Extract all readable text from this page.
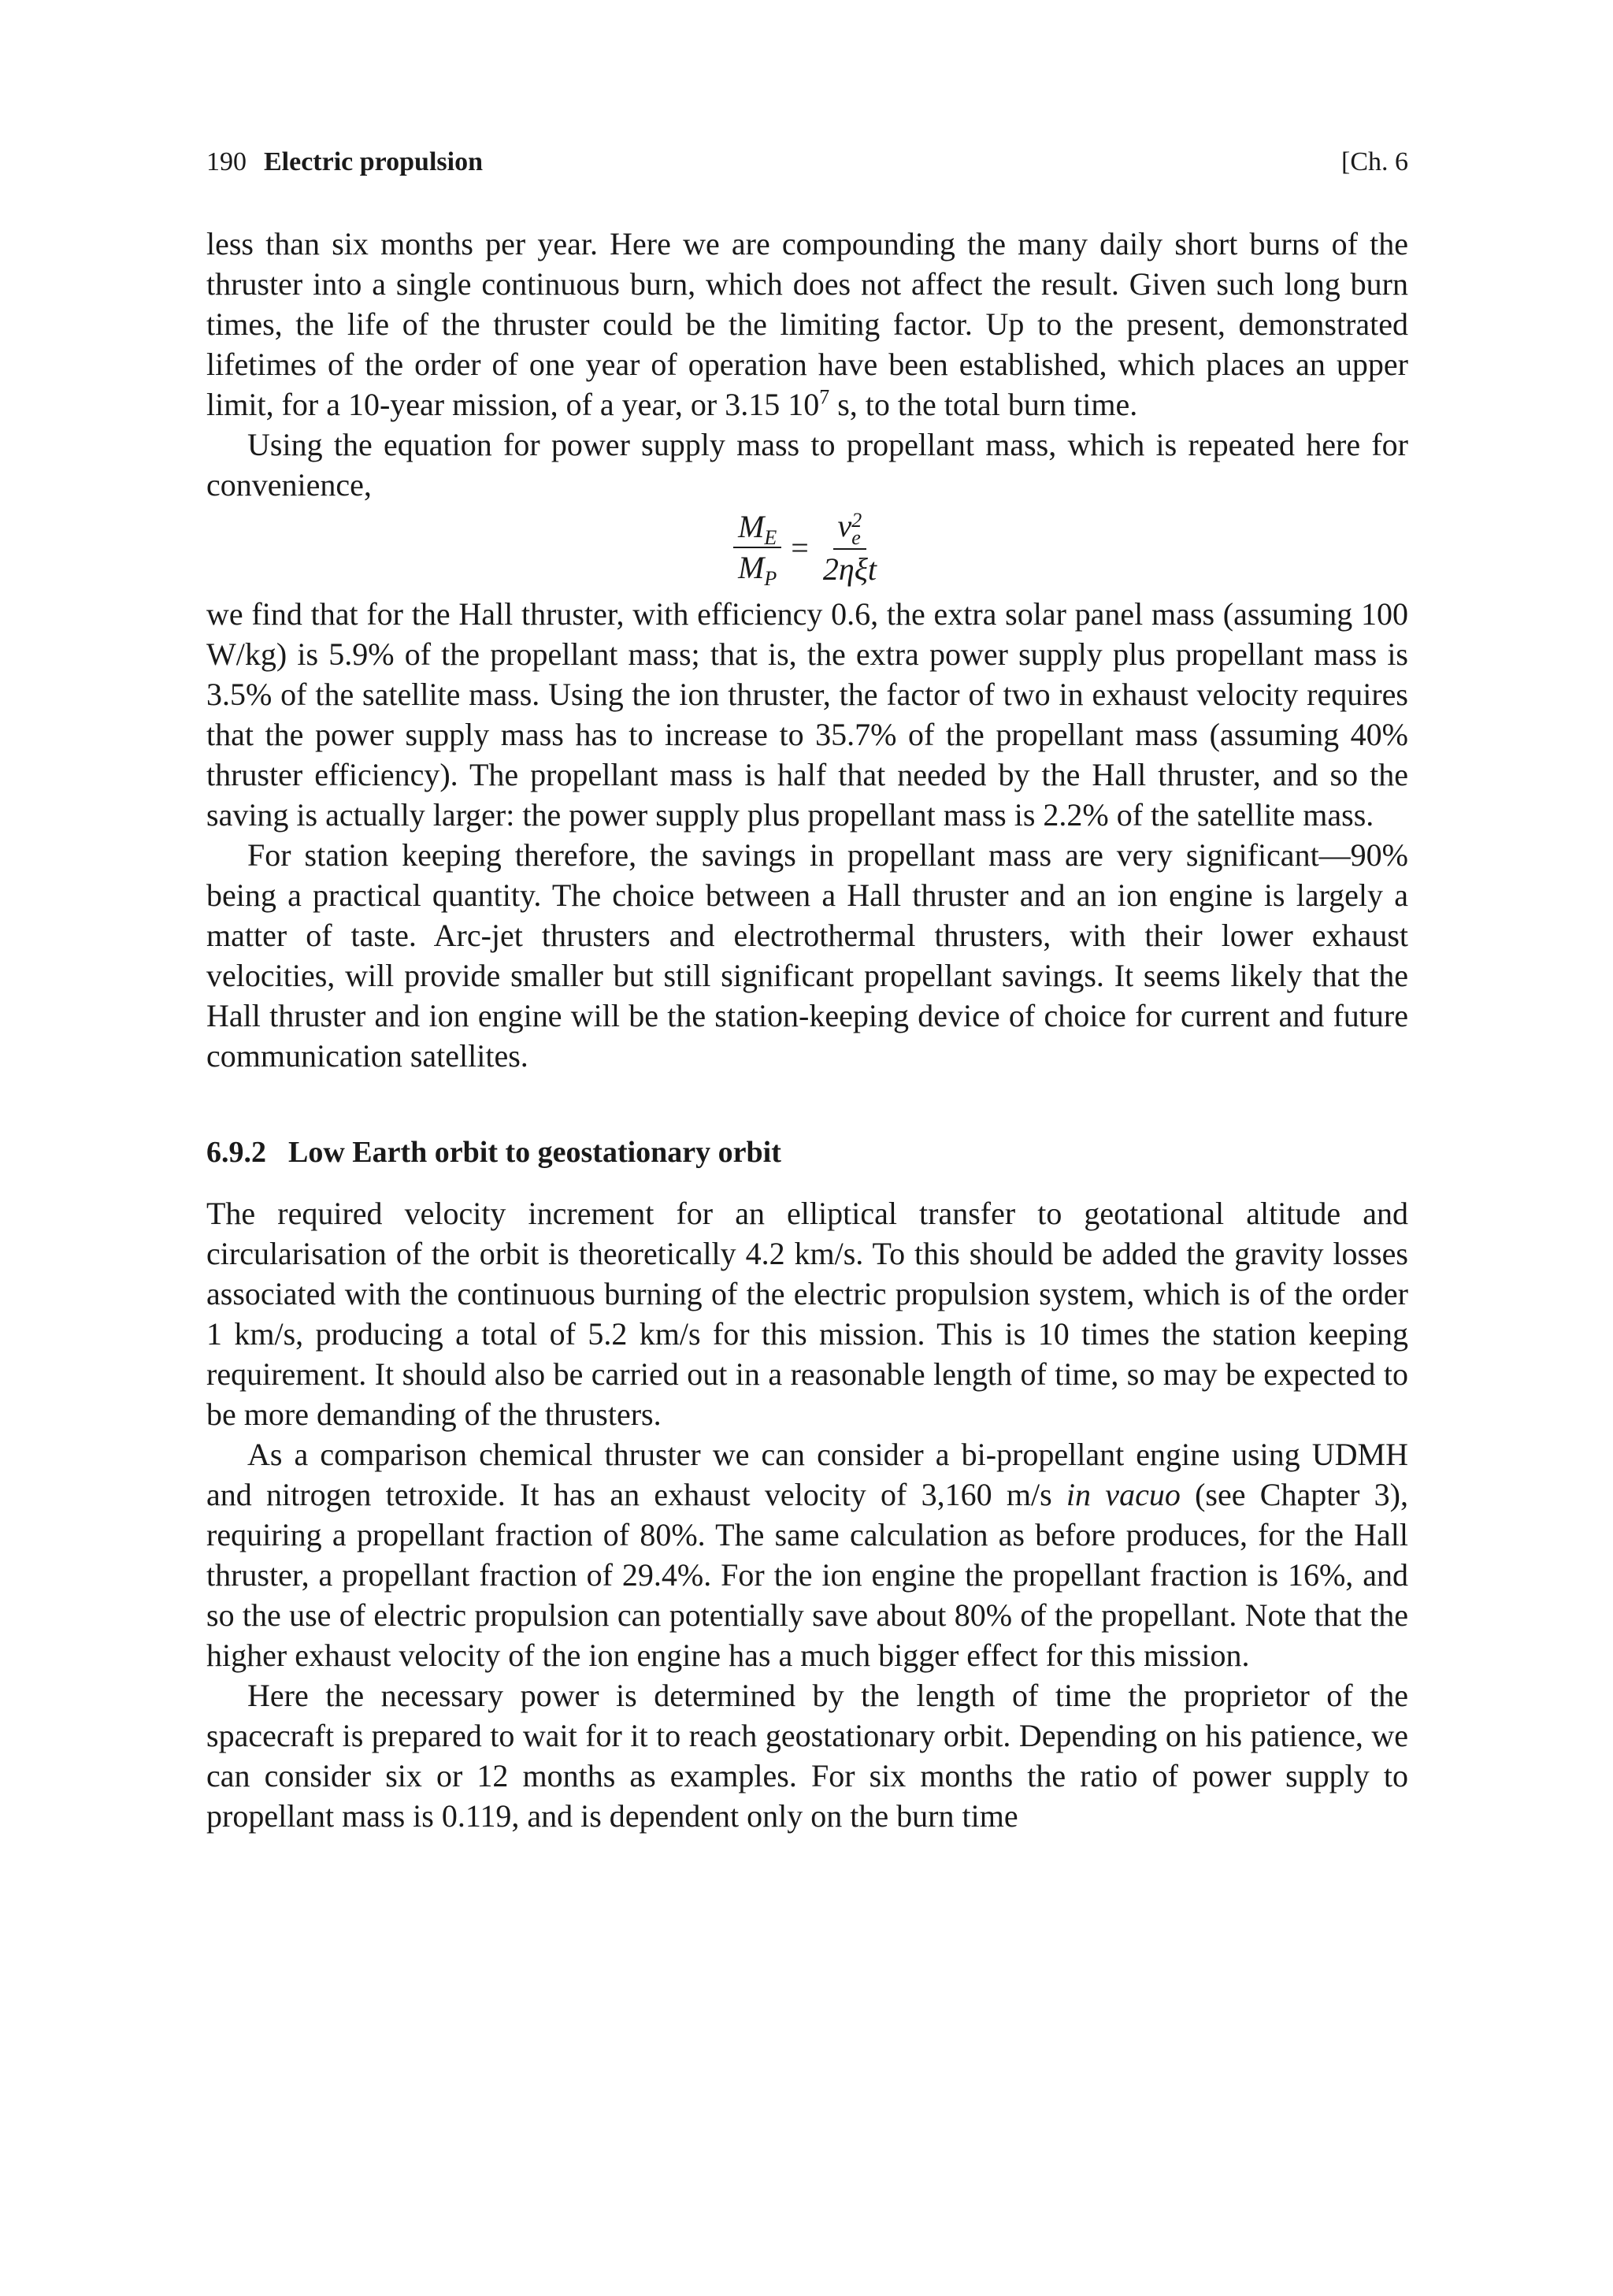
190 Electric propulsion	[Ch. 6

less than six months per year. Here we are compounding the many daily short burns of the thruster into a single continuous burn, which does not affect the result. Given such long burn times, the life of the thruster could be the limiting factor. Up to the present, demonstrated lifetimes of the order of one year of operation have been established, which places an upper limit, for a 10-year mission, of a year, or 3.15 $10^7$ s, to the total burn time.

Using the equation for power supply mass to propellant mass, which is repeated here for convenience,

$\frac{M_E}{M_P} = v$ 2
e
2ηξt

we find that for the Hall thruster, with efficiency 0.6, the extra solar panel mass (assuming 100 W/kg) is 5.9% of the propellant mass; that is, the extra power supply plus propellant mass is 3.5% of the satellite mass. Using the ion thruster, the factor of two in exhaust velocity requires that the power supply mass has to increase to 35.7% of the propellant mass (assuming 40% thruster efficiency). The propellant mass is half that needed by the Hall thruster, and so the saving is actually larger: the power supply plus propellant mass is 2.2% of the satellite mass.

For station keeping therefore, the savings in propellant mass are very significant—90% being a practical quantity. The choice between a Hall thruster and an ion engine is largely a matter of taste. Arc-jet thrusters and electrothermal thrusters, with their lower exhaust velocities, will provide smaller but still significant propellant savings. It seems likely that the Hall thruster and ion engine will be the station-keeping device of choice for current and future communication satellites.

6.9.2 Low Earth orbit to geostationary orbit

The required velocity increment for an elliptical transfer to geotational altitude and circularisation of the orbit is theoretically 4.2 km/s. To this should be added the gravity losses associated with the continuous burning of the electric propulsion system, which is of the order 1 km/s, producing a total of 5.2 km/s for this mission. This is 10 times the station keeping requirement. It should also be carried out in a reasonable length of time, so may be expected to be more demanding of the thrusters.

As a comparison chemical thruster we can consider a bi-propellant engine using UDMH and nitrogen tetroxide. It has an exhaust velocity of 3,160 m/s in vacuo (see Chapter 3), requiring a propellant fraction of 80%. The same calculation as before produces, for the Hall thruster, a propellant fraction of 29.4%. For the ion engine the propellant fraction is 16%, and so the use of electric propulsion can potentially save about 80% of the propellant. Note that the higher exhaust velocity of the ion engine has a much bigger effect for this mission.

Here the necessary power is determined by the length of time the proprietor of the spacecraft is prepared to wait for it to reach geostationary orbit. Depending on his patience, we can consider six or 12 months as examples. For six months the ratio of power supply to propellant mass is 0.119, and is dependent only on the burn time
